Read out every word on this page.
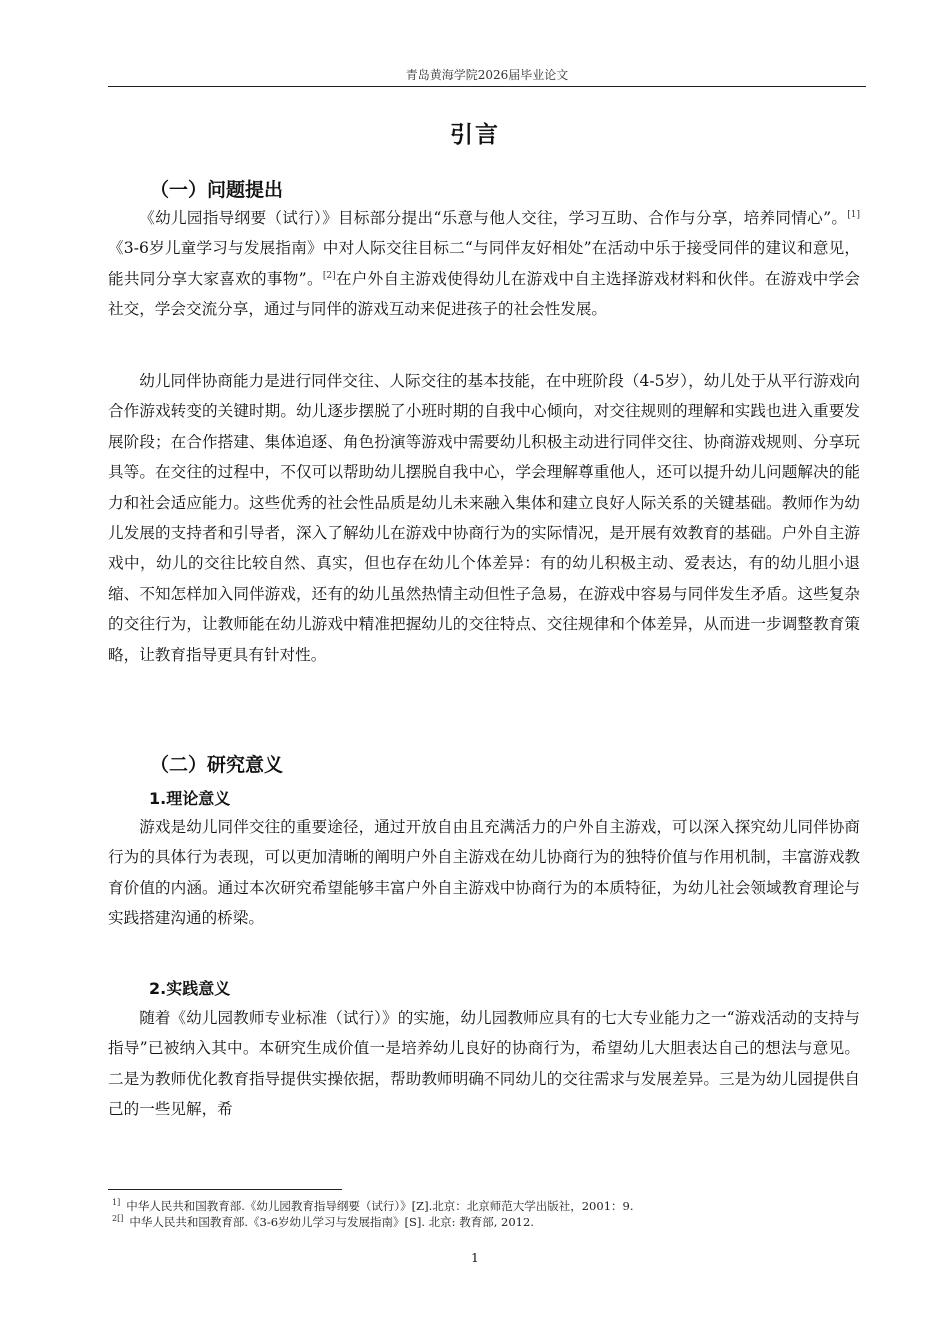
青岛黄海学院2026届毕业论文
引言
（一）问题提出

《幼儿园指导纲要（试行）》目标部分提出“乐意与他人交往，学习互助、合作与分享，培养同情心”。[1]《3-6岁儿童学习与发展指南》中对人际交往目标二“与同伴友好相处”在活动中乐于接受同伴的建议和意见，能共同分享大家喜欢的事物”。[2]在户外自主游戏使得幼儿在游戏中自主选择游戏材料和伙伴。在游戏中学会社交，学会交流分享，通过与同伴的游戏互动来促进孩子的社会性发展。

幼儿同伴协商能力是进行同伴交往、人际交往的基本技能，在中班阶段（4-5岁），幼儿处于从平行游戏向合作游戏转变的关键时期。幼儿逐步摆脱了小班时期的自我中心倾向，对交往规则的理解和实践也进入重要发展阶段；在合作搭建、集体追逐、角色扮演等游戏中需要幼儿积极主动进行同伴交往、协商游戏规则、分享玩具等。在交往的过程中，不仅可以帮助幼儿摆脱自我中心，学会理解尊重他人，还可以提升幼儿问题解决的能力和社会适应能力。这些优秀的社会性品质是幼儿未来融入集体和建立良好人际关系的关键基础。教师作为幼儿发展的支持者和引导者，深入了解幼儿在游戏中协商行为的实际情况，是开展有效教育的基础。户外自主游戏中，幼儿的交往比较自然、真实，但也存在幼儿个体差异：有的幼儿积极主动、爱表达，有的幼儿胆小退缩、不知怎样加入同伴游戏，还有的幼儿虽然热情主动但性子急易，在游戏中容易与同伴发生矛盾。这些复杂的交往行为，让教师能在幼儿游戏中精准把握幼儿的交往特点、交往规律和个体差异，从而进一步调整教育策略，让教育指导更具有针对性。

（二）研究意义
1.理论意义

游戏是幼儿同伴交往的重要途径，通过开放自由且充满活力的户外自主游戏，可以深入探究幼儿同伴协商行为的具体行为表现，可以更加清晰的阐明户外自主游戏在幼儿协商行为的独特价值与作用机制，丰富游戏教育价值的内涵。通过本次研究希望能够丰富户外自主游戏中协商行为的本质特征，为幼儿社会领域教育理论与实践搭建沟通的桥梁。

2.实践意义

随着《幼儿园教师专业标准（试行）》的实施，幼儿园教师应具有的七大专业能力之一“游戏活动的支持与指导”已被纳入其中。本研究生成价值一是培养幼儿良好的协商行为，希望幼儿大胆表达自己的想法与意见。二是为教师优化教育指导提供实操依据，帮助教师明确不同幼儿的交往需求与发展差异。三是为幼儿园提供自己的一些见解，希

$^{1]}$ 中华人民共和国教育部.《幼儿园教育指导纲要（试行）》[Z].北京：北京师范大学出版社，2001：9.
$^{2[]}$ 中华人民共和国教育部.《3-6岁幼儿学习与发展指南》[S]. 北京: 教育部, 2012.
1
